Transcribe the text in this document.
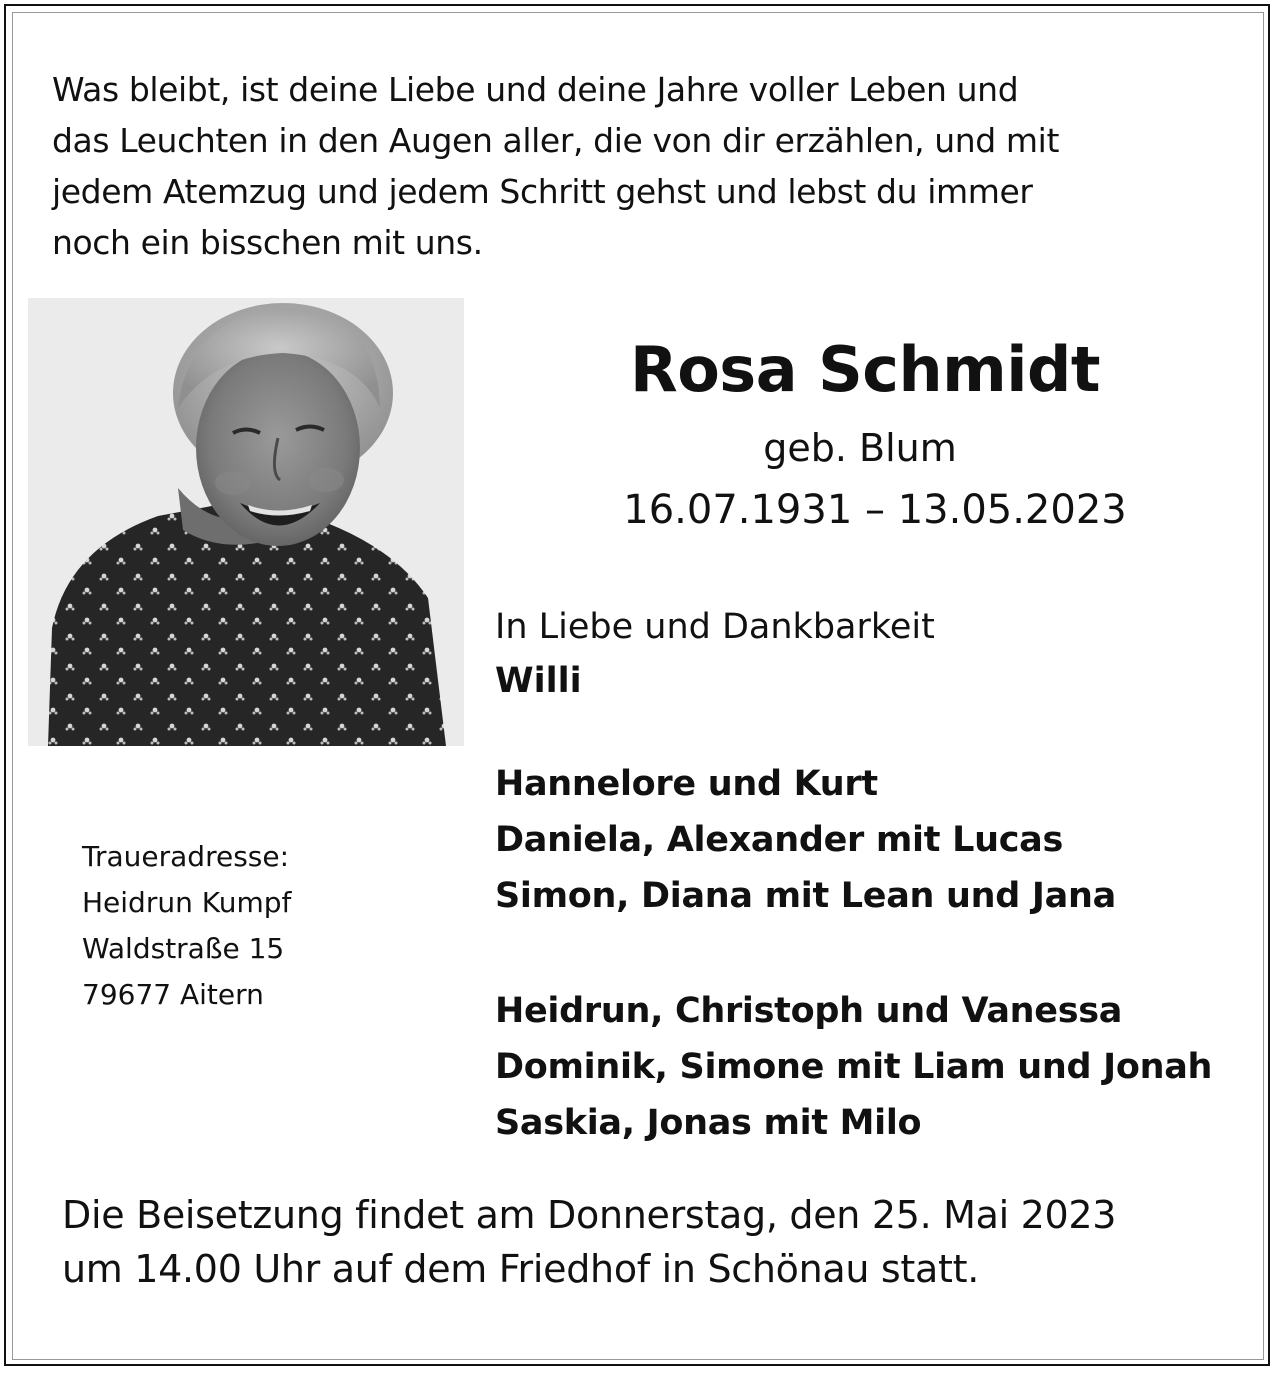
Was bleibt, ist deine Liebe und deine Jahre voller Leben und
das Leuchten in den Augen aller, die von dir erzählen, und mit
jedem Atemzug und jedem Schritt gehst und lebst du immer
noch ein bisschen mit uns.
Rosa Schmidt
geb. Blum
16.07.1931 – 13.05.2023
In Liebe und Dankbarkeit
Willi
Hannelore und Kurt
Daniela, Alexander mit Lucas
Simon, Diana mit Lean und Jana
Heidrun, Christoph und Vanessa
Dominik, Simone mit Liam und Jonah
Saskia, Jonas mit Milo
Traueradresse:
Heidrun Kumpf
Waldstraße 15
79677 Aitern
Die Beisetzung findet am Donnerstag, den 25. Mai 2023
um 14.00 Uhr auf dem Friedhof in Schönau statt.
